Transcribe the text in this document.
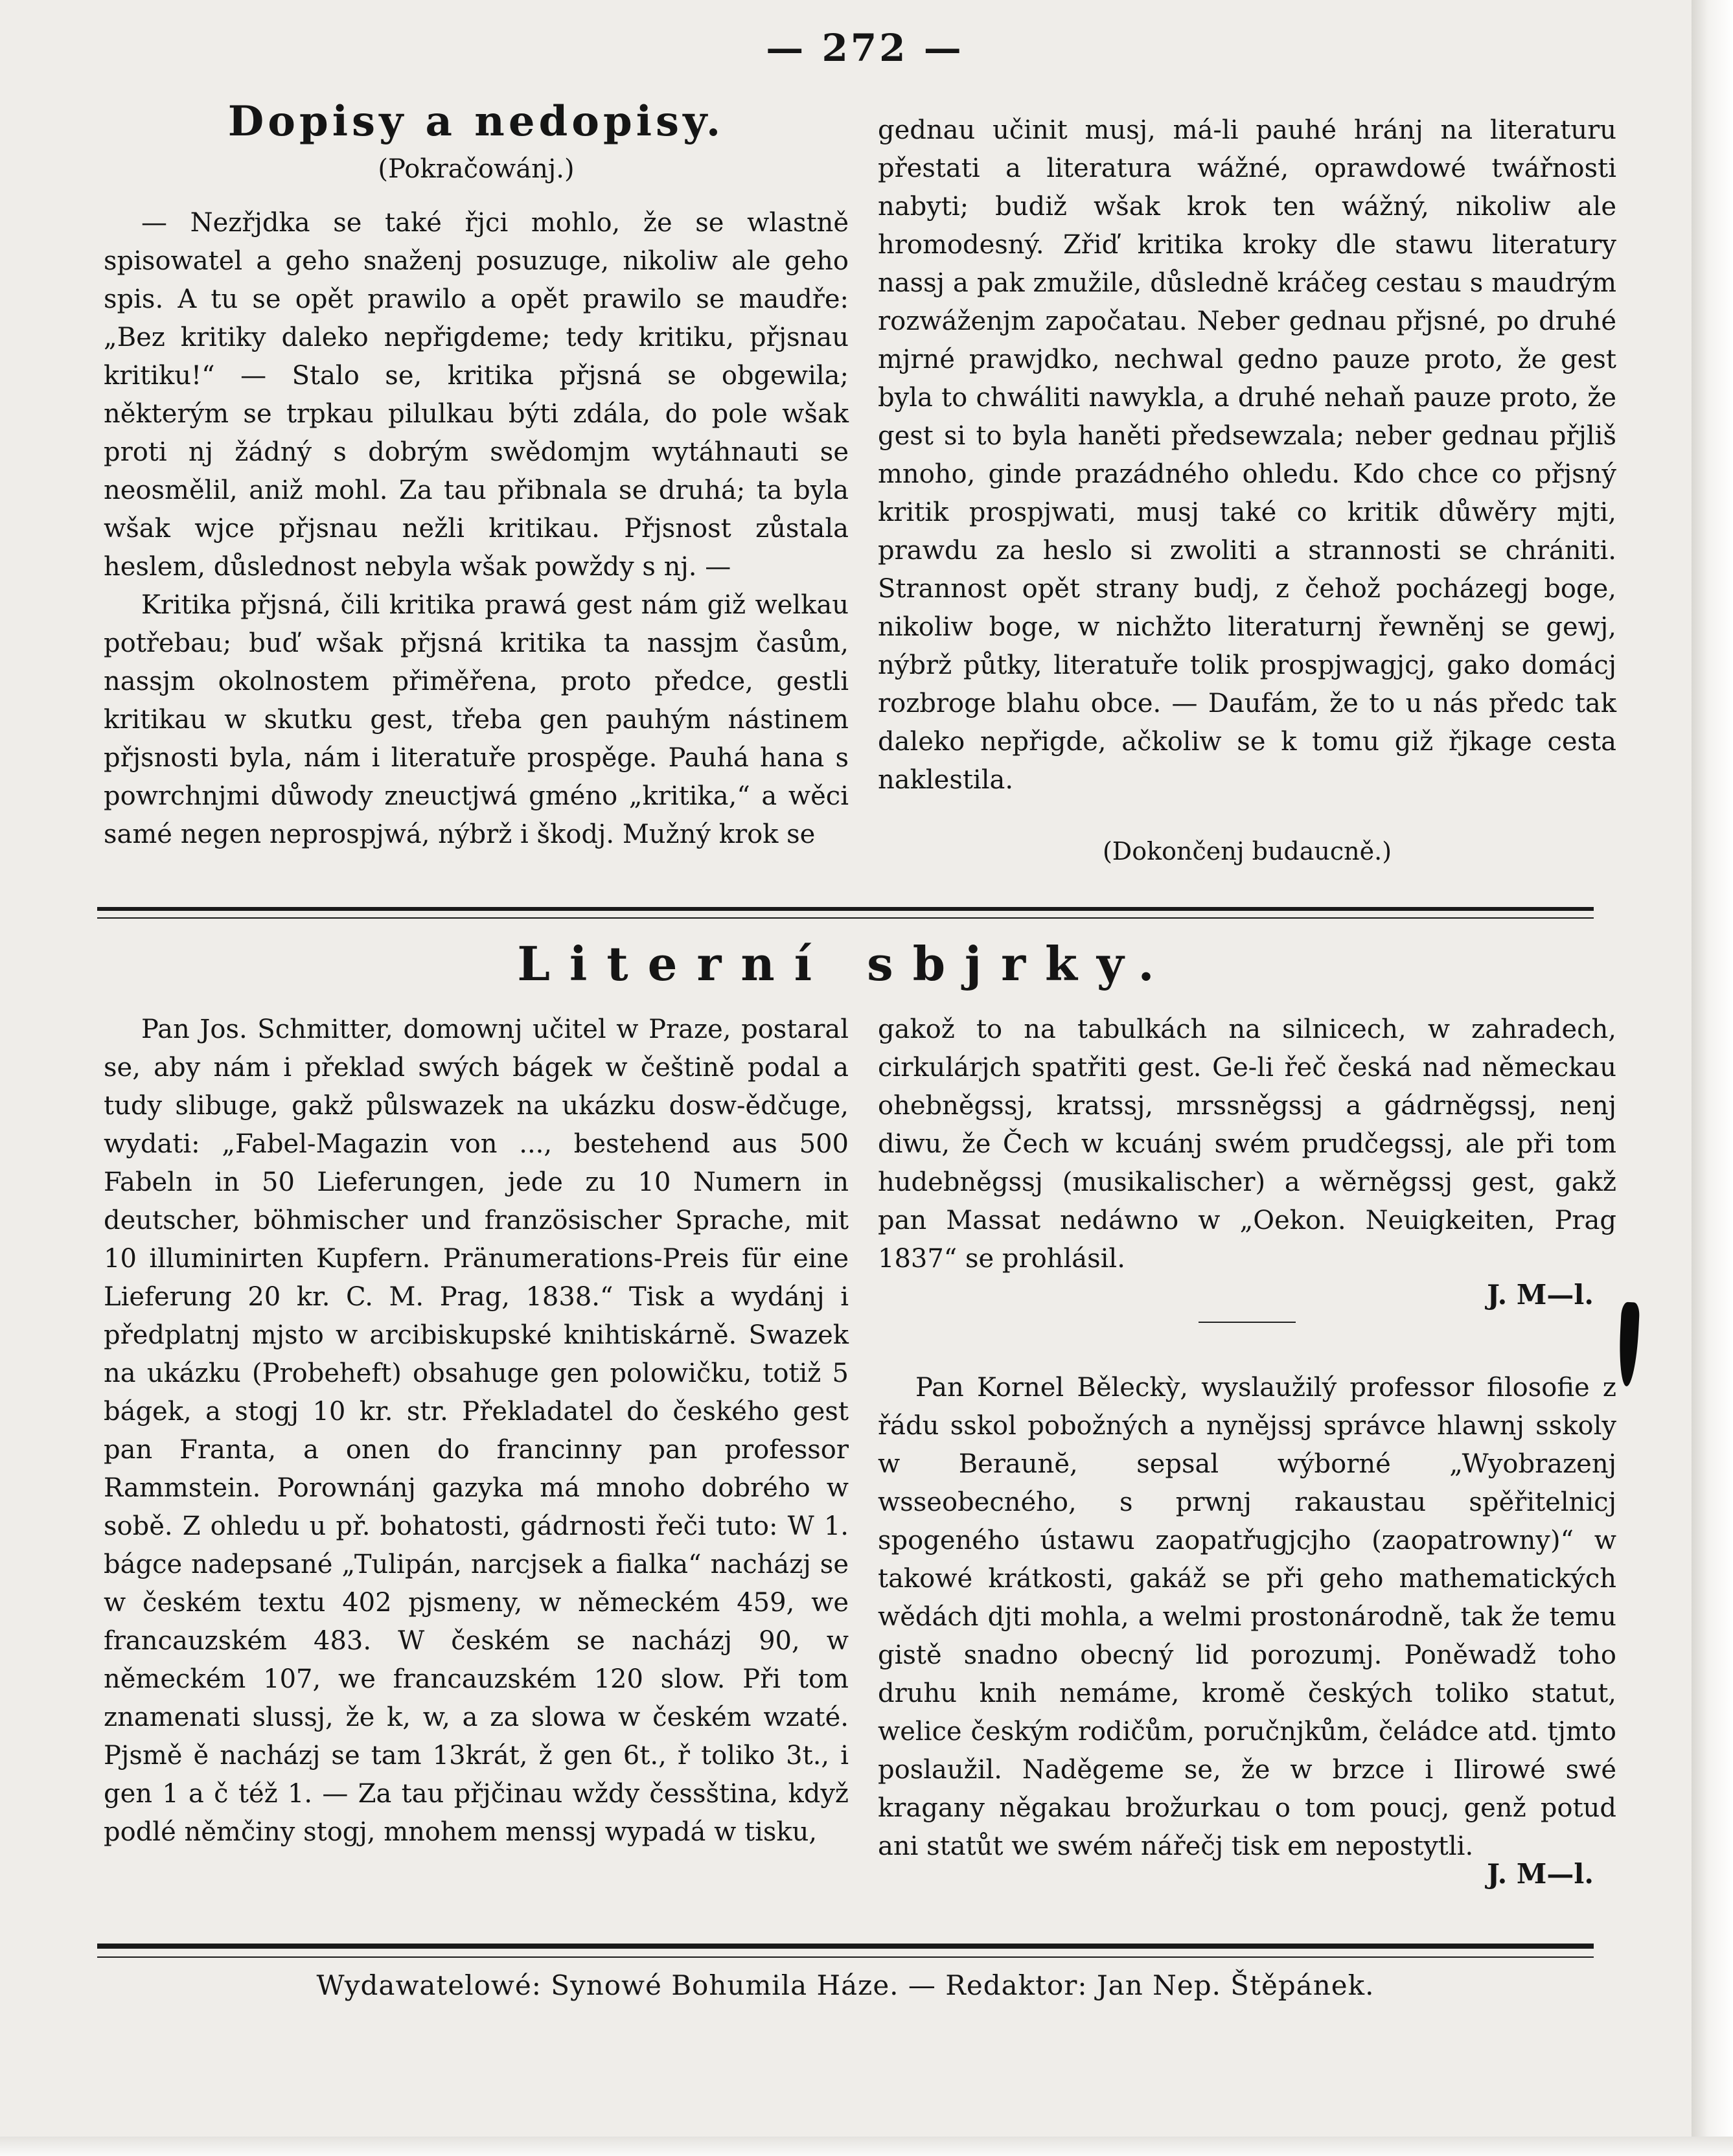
— 272 —
Dopisy a nedopisy.
(Pokračowánj.)

— Nezřjdka se také řjci mohlo, že se wlastně spisowatel a geho snaženj posuzuge, nikoliw ale geho spis. A tu se opět prawilo a opět prawilo se maudře: „Bez kritiky daleko nepřigdeme; tedy kritiku, přjsnau kritiku!“ — Stalo se, kritika přjsná se obgewila; některým se trpkau pilulkau býti zdála, do pole wšak proti nj žádný s dobrým swědomjm wytáhnauti se neosmělil, aniž mohl. Za tau přibnala se druhá; ta byla wšak wjce přjsnau nežli kritikau. Přjsnost zůstala heslem, důslednost nebyla wšak powždy s nj. —

Kritika přjsná, čili kritika prawá gest nám giž welkau potřebau; buď wšak přjsná kritika ta nassjm časům, nassjm okolnostem přiměřena, proto předce, gestli kritikau w skutku gest, třeba gen pauhým nástinem přjsnosti byla, nám i literatuře prospěge. Pauhá hana s powrchnjmi důwody zneuctjwá gméno „kritika,“ a wěci samé negen neprospjwá, nýbrž i škodj. Mužný krok se

gednau učinit musj, má-li pauhé hránj na literaturu přestati a literatura wážné, oprawdowé twářnosti nabyti; budiž wšak krok ten wážný, nikoliw ale hromodesný. Zřiď kritika kroky dle stawu literatury nassj a pak zmužile, důsledně kráčeg cestau s maudrým rozwáženjm započatau. Neber gednau přjsné, po druhé mjrné prawjdko, nechwal gedno pauze proto, že gest byla to chwáliti nawykla, a druhé nehaň pauze proto, že gest si to byla haněti předsewzala; neber gednau přjliš mnoho, ginde prazádného ohledu. Kdo chce co přjsný kritik prospjwati, musj také co kritik důwěry mjti, prawdu za heslo si zwoliti a strannosti se chrániti. Strannost opět strany budj, z čehož pocházegj boge, nikoliw boge, w nichžto literaturnj řewněnj se gewj, nýbrž půtky, literatuře tolik prospjwagjcj, gako domácj rozbroge blahu obce. — Daufám, že to u nás předc tak daleko nepřigde, ačkoliw se k tomu giž řjkage cesta naklestila.

(Dokončenj budaucně.)
Literní sbjrky.

Pan Jos. Schmitter, domownj učitel w Praze, postaral se, aby nám i překlad swých bágek w češtině podal a tudy slibuge, gakž půlswazek na ukázku dosw-ědčuge, wydati: „Fabel-Magazin von ..., bestehend aus 500 Fabeln in 50 Lieferungen, jede zu 10 Numern in deutscher, böhmischer und französischer Sprache, mit 10 illuminirten Kupfern. Pränumerations-Preis für eine Lieferung 20 kr. C. M. Prag, 1838.“ Tisk a wydánj i předplatnj mjsto w arcibiskupské knihtiskárně. Swazek na ukázku (Probeheft) obsahuge gen polowičku, totiž 5 bágek, a stogj 10 kr. str. Překladatel do českého gest pan Franta, a onen do francinny pan professor Rammstein. Porownánj gazyka má mnoho dobrého w sobě. Z ohledu u př. bohatosti, gádrnosti řeči tuto: W 1. bágce nadepsané „Tulipán, narcjsek a fialka“ nacházj se w českém textu 402 pjsmeny, w německém 459, we francauzském 483. W českém se nacházj 90, w německém 107, we francauzském 120 slow. Při tom znamenati slussj, že k, w, a za slowa w českém wzaté. Pjsmě ě nacházj se tam 13krát, ž gen 6t., ř toliko 3t., i gen 1 a č též 1. — Za tau přjčinau wždy čessština, když podlé němčiny stogj, mnohem menssj wypadá w tisku,

gakož to na tabulkách na silnicech, w zahradech, cirkulárjch spatřiti gest. Ge-li řeč česká nad německau ohebněgssj, kratssj, mrssněgssj a gádrněgssj, nenj diwu, že Čech w kcuánj swém prudčegssj, ale při tom hudebněgssj (musikalischer) a wěrněgssj gest, gakž pan Massat nedáwno w „Oekon. Neuigkeiten, Prag 1837“ se prohlásil.

Pan Kornel Běleckỳ, wyslaužilý professor filosofie z řádu sskol pobožných a nynějssj správce hlawnj sskoly w Beraunĕ, sepsal wýborné „Wyobrazenj wsseobecného, s prwnj rakaustau spěřitelnicj spogeného ústawu zaopatřugjcjho (zaopatrowny)“ w takowé krátkosti, gakáž se při geho mathematických wědách djti mohla, a welmi prostonárodně, tak že temu gistě snadno obecný lid porozumj. Poněwadž toho druhu knih nemáme, kromě českých toliko statut, welice českým rodičům, poručnjkům, čeládce atd. tjmto poslaužil. Naděgeme se, že w brzce i Ilirowé swé kragany něgakau brožurkau o tom poucj, genž potud ani statůt we swém nářečj tisk em nepostytli.

J. M—l.
J. M—l.
Wydawatelowé: Synowé Bohumila Háze. — Redaktor: Jan Nep. Štěpánek.
